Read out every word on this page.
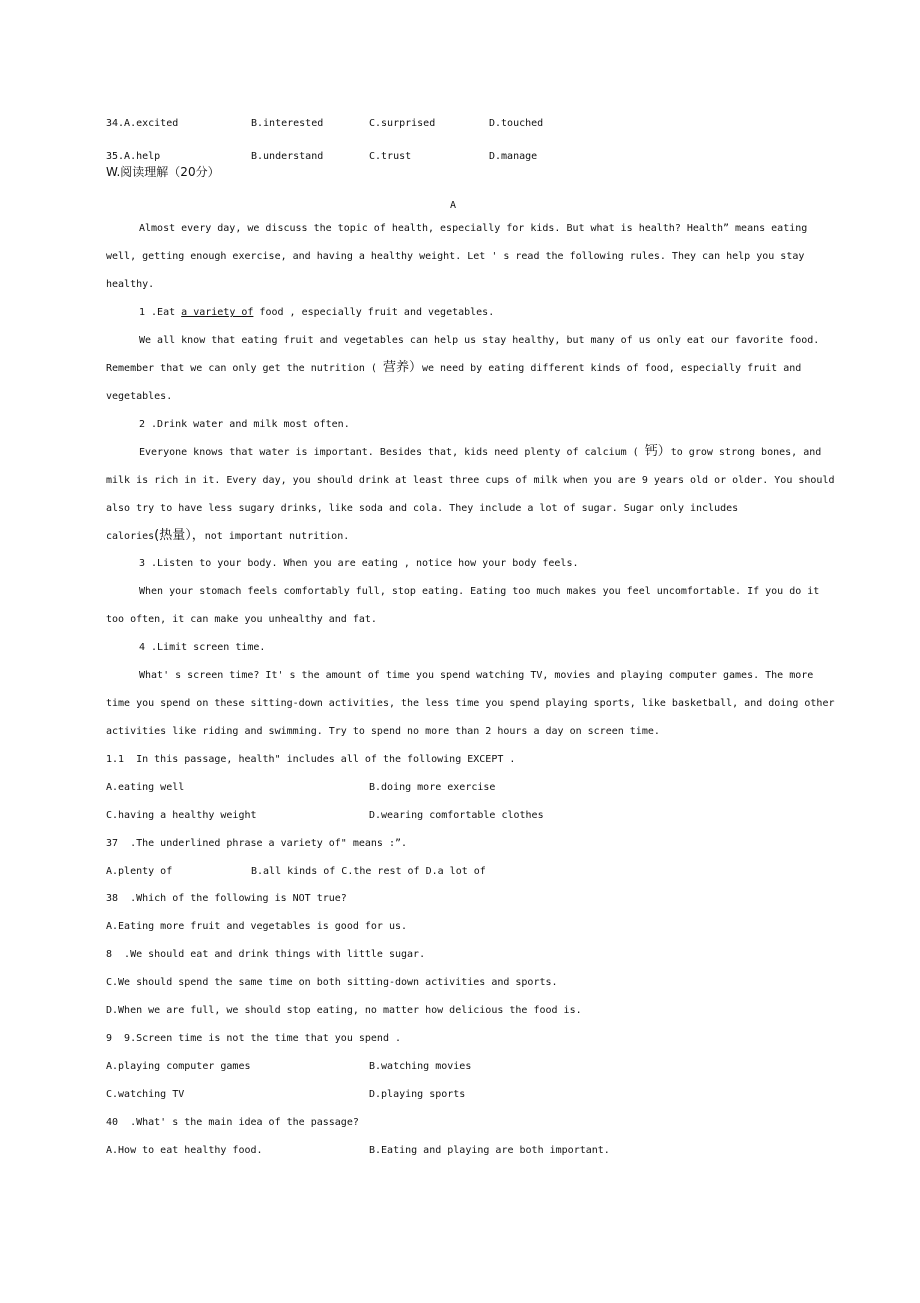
34.A.excited	B.interested	C.surprised	D.touched
35.A.help	B.understand	C.trust	D.manage
W.阅读理解（20分）
A
Almost every day, we discuss the topic of health, especially for kids. But what is health? Health” means eating
well, getting enough exercise, and having a healthy weight. Let ' s read the following rules. They can help you stay
healthy.
1 .Eat a variety of food , especially fruit and vegetables.
We all know that eating fruit and vegetables can help us stay healthy, but many of us only eat our favorite food.
Remember that we can only get the nutrition ( 营养）we need by eating different kinds of food, especially fruit and
vegetables.
2 .Drink water and milk most often.
Everyone knows that water is important. Besides that, kids need plenty of calcium ( 钙）to grow strong bones, and
milk is rich in it. Every day, you should drink at least three cups of milk when you are 9 years old or older. You should
also try to have less sugary drinks, like soda and cola. They include a lot of sugar. Sugar only includes
calories(热量），not important nutrition.
3 .Listen to your body. When you are eating , notice how your body feels.
When your stomach feels comfortably full, stop eating. Eating too much makes you feel uncomfortable. If you do it
too often, it can make you unhealthy and fat.
4 .Limit screen time.
What' s screen time? It' s the amount of time you spend watching TV, movies and playing computer games. The more
time you spend on these sitting-down activities, the less time you spend playing sports, like basketball, and doing other
activities like riding and swimming. Try to spend no more than 2 hours a day on screen time.
1.1  In this passage, health" includes all of the following EXCEPT .
A.eating well	B.doing more exercise
C.having a healthy weight	D.wearing comfortable clothes
37  .The underlined phrase a variety of" means :”.
A.plenty of	B.all kinds of C.the rest of D.a lot of
38  .Which of the following is NOT true?
A.Eating more fruit and vegetables is good for us.
8  .We should eat and drink things with little sugar.
C.We should spend the same time on both sitting-down activities and sports.
D.When we are full, we should stop eating, no matter how delicious the food is.
9  9.Screen time is not the time that you spend .
A.playing computer games	B.watching movies
C.watching TV	D.playing sports
40  .What' s the main idea of the passage?
A.How to eat healthy food.	B.Eating and playing are both important.
